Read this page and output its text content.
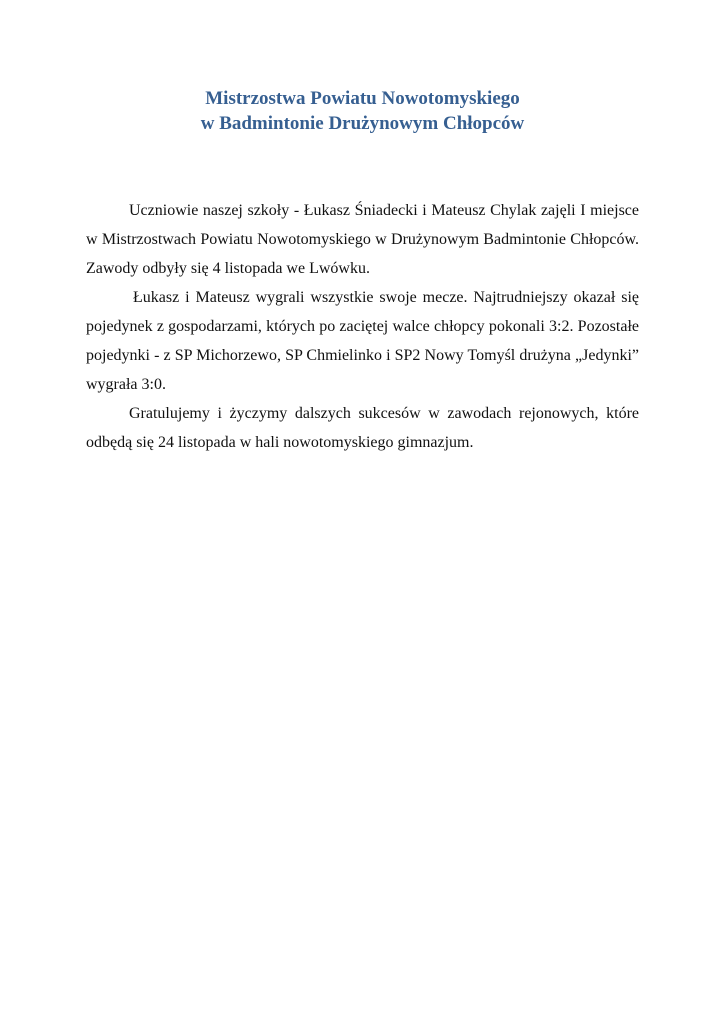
Mistrzostwa Powiatu Nowotomyskiego
w Badmintonie Drużynowym Chłopców

Uczniowie naszej szkoły - Łukasz Śniadecki i Mateusz Chylak zajęli I miejsce w Mistrzostwach Powiatu Nowotomyskiego w Drużynowym Badmintonie Chłopców. Zawody odbyły się 4 listopada we Lwówku.

Łukasz i Mateusz wygrali wszystkie swoje mecze. Najtrudniejszy okazał się pojedynek z gospodarzami, których po zaciętej walce chłopcy pokonali 3:2. Pozostałe pojedynki - z SP Michorzewo, SP Chmielinko i SP2 Nowy Tomyśl drużyna „Jedynki” wygrała 3:0.

Gratulujemy i życzymy dalszych sukcesów w zawodach rejonowych, które odbędą się 24 listopada w hali nowotomyskiego gimnazjum.
